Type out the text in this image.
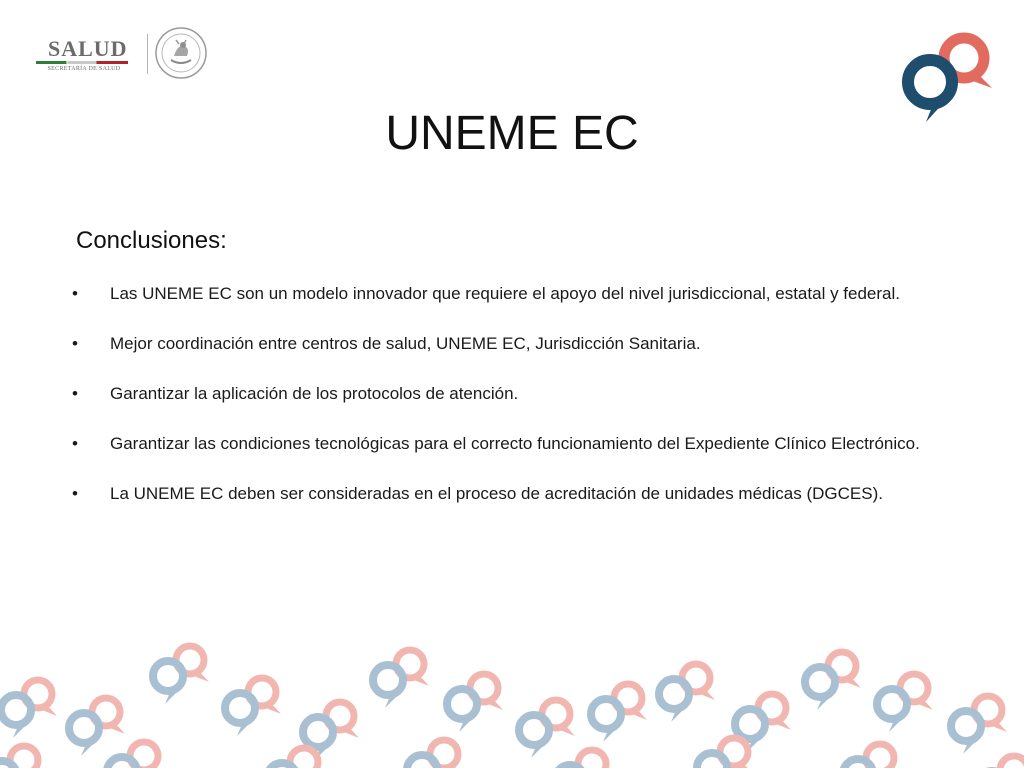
SALUD
SECRETARÍA DE SALUD
UNEME EC
Conclusiones:
•	Las UNEME EC son un modelo innovador que requiere el apoyo del nivel jurisdiccional, estatal y federal.
•	Mejor coordinación entre centros de salud, UNEME EC, Jurisdicción Sanitaria.
•	Garantizar la aplicación de los protocolos de atención.
•	Garantizar las condiciones tecnológicas para el correcto funcionamiento del Expediente Clínico Electrónico.
•	La UNEME EC deben ser consideradas en el proceso de acreditación de unidades médicas (DGCES).
